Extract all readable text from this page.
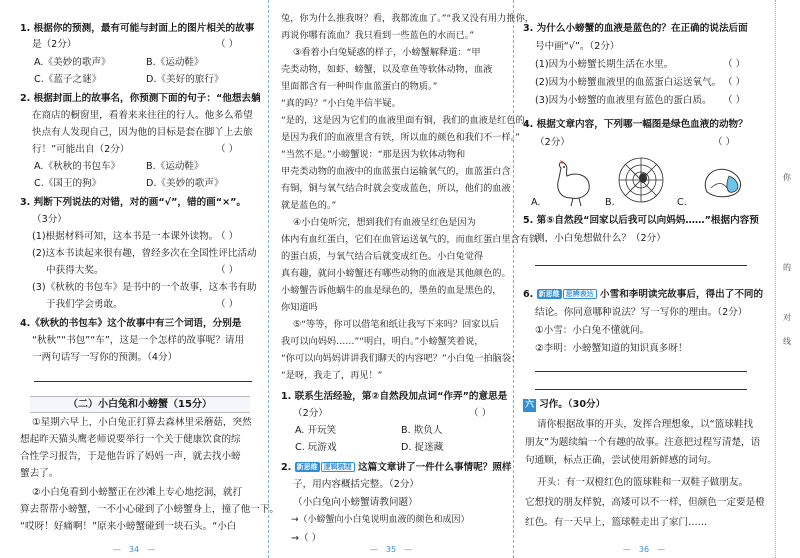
1. 根据你的预测，最有可能与封面上的图片相关的故事
是（2分）	（ ）
A.《美妙的歌声》	B.《运动鞋》
C.《蓝子之谜》	D.《美好的旅行》
2. 根据封面上的故事名，你预测下面的句子：“他想去躺
在商店的橱窗里，看着来来往往的行人。他多么希望
快点有人发现自己，因为他的目标是套在脚丫上去旅
行！”可能出自（2分）	（ ）
A.《秋秋的书包车》	B.《运动鞋》
C.《国王的狗》	D.《美妙的歌声》
3. 判断下列说法的对错，对的画“√”，错的画“×”。
（3分）
(1)根据材料可知，这本书是一本课外读物。
（ ）
(2)这本书读起来很有趣，曾经多次在全国性评比活动
中获得大奖。	（ ）
(3)《秋秋的书包车》是书中的一个故事，这本书有助
于我们学会勇敢。	（ ）
4.《秋秋的书包车》这个故事中有三个词语，分别是
“秋秋”“书包”“车”，这是一个怎样的故事呢？请用
一两句话写一写你的预测。（4分）
（二）小白兔和小螃蟹（15分）
①星期六早上，小白兔正打算去森林里采蘑菇，突然
想起昨天猫头鹰老师说要举行一个关于健康饮食的综
合性学习报告，于是他告诉了妈妈一声，就去找小螃
蟹去了。
②小白兔看到小螃蟹正在沙滩上专心地挖洞，就打
算去帮帮小螃蟹，一不小心碰到了小螃蟹身上，撞了他一下。
“哎呀！好痛啊！”原来小螃蟹碰到一块石头。“小白
— 34 —
兔，你为什么推我呀？看，我都流血了。”“我又没有用力推你，
再说你哪有流血？我只看到一些蓝色的水而已。”
③看着小白兔疑惑的样子，小螃蟹解释道：“甲
壳类动物，如虾、螃蟹，以及章鱼等软体动物，血液
里面都含有一种叫作血蓝蛋白的物质。”
“真的吗？”小白兔半信半疑。
“是的，这是因为它们的血液里面有铜，我们的血液是红色的，
是因为我们的血液里含有铁，所以血的颜色和我们不一样。”
“当然不是。”小螃蟹说：“那是因为软体动物和
甲壳类动物的血液中的血蓝蛋白运输氧气的，血蓝蛋白含
有铜，铜与氧气结合时就会变成蓝色，所以，他们的血液
就是蓝色的。”
④小白兔听完，想到我们有血液呈红色是因为
体内有血红蛋白，它们在血管运送氧气的，而血红蛋白里含有铁
的蛋白质，与氧气结合后就变成红色。小白兔觉得
真有趣，就问小螃蟹还有哪些动物的血液是其他颜色的。
小螃蟹告诉他蜗牛的血是绿色的，墨鱼的血是黑色的，
你知道吗
⑤“等等，你可以借笔和纸让我写下来吗？回家以后
我可以向妈妈……”“明白，明白。”小螃蟹笑着说，
“你可以向妈妈讲讲我们聊天的内容吧？”小白兔一拍脑袋：
“是呀，我走了，再见！”
1. 联系生活经验，第②自然段加点词“作弄”的意思是
（2分）	（ ）
A. 开玩笑	B. 欺负人
C. 玩游戏	D. 捉迷藏
2. 新思维 逻辑梳理 这篇文章讲了一件什么事情呢？照样
子，用内容概括完整。（2分）
（小白兔向小螃蟹请教问题）
→（小螃蟹向小白兔说明血液的颜色和成因）
→（ ）
— 35 —
3. 为什么小螃蟹的血液是蓝色的？在正确的说法后面
号中画“√”。（2分）
(1)因为小螃蟹长期生活在水里。	（ ）
(2)因为小螃蟹血液里的血蓝蛋白运送氧气。 （ ）
(3)因为小螃蟹的血液里有蓝色的蛋白质。 （ ）
4. 根据文章内容，下列哪一幅图是绿色血液的动物？
（2分）	（ ）
A.	B.	C.
5. 第⑤自然段“回家以后我可以向妈妈……”根据内容预
测，小白兔想做什么？（2分）
6. 新思维 思辨表达 小雪和李明读完故事后，得出了不同的
结论。你同意哪种说法？写一写你的理由。（2分）
①小雪：小白兔不懂就问。
②李明：小螃蟹知道的知识真多呀！
六 习作。（30分）
请你根据故事的开头，发挥合理想象，以“篮球鞋找
朋友”为题续编一个有趣的故事。注意把过程写清楚，语
句通顺，标点正确，尝试使用新鲜感的词句。
开头：有一双橙红色的篮球鞋和一双鞋子做朋友。
它想找的朋友样貌，高矮可以不一样，但颜色一定要是橙
红色。有一天早上，篮球鞋走出了家门……
— 36 —
你
的
对
线
